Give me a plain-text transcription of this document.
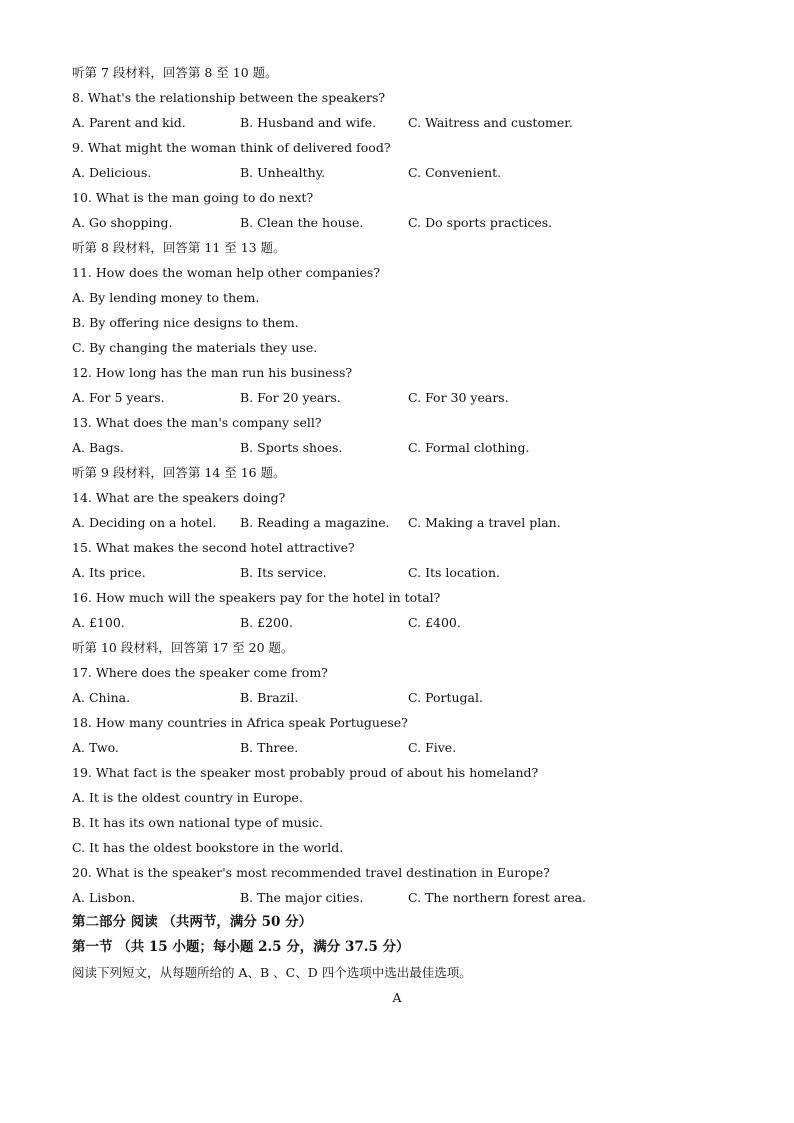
听第 7 段材料，回答第 8 至 10 题。
8. What's the relationship between the speakers?
A. Parent and kid.	B. Husband and wife.	C. Waitress and customer.
9. What might the woman think of delivered food?
A. Delicious.	B. Unhealthy.	C. Convenient.
10. What is the man going to do next?
A. Go shopping.	B. Clean the house.	C. Do sports practices.
听第 8 段材料，回答第 11 至 13 题。
11. How does the woman help other companies?
A. By lending money to them.
B. By offering nice designs to them.
C. By changing the materials they use.
12. How long has the man run his business?
A. For 5 years.	B. For 20 years.	C. For 30 years.
13. What does the man's company sell?
A. Bags.	B. Sports shoes.	C. Formal clothing.
听第 9 段材料，回答第 14 至 16 题。
14. What are the speakers doing?
A. Deciding on a hotel.	B. Reading a magazine.	C. Making a travel plan.
15. What makes the second hotel attractive?
A. Its price.	B. Its service.	C. Its location.
16. How much will the speakers pay for the hotel in total?
A. £100.	B. £200.	C. £400.
听第 10 段材料，回答第 17 至 20 题。
17. Where does the speaker come from?
A. China.	B. Brazil.	C. Portugal.
18. How many countries in Africa speak Portuguese?
A. Two.	B. Three.	C. Five.
19. What fact is the speaker most probably proud of about his homeland?
A. It is the oldest country in Europe.
B. It has its own national type of music.
C. It has the oldest bookstore in the world.
20. What is the speaker's most recommended travel destination in Europe?
A. Lisbon.	B. The major cities.	C. The northern forest area.
第二部分 阅读 （共两节，满分 50 分）
第一节 （共 15 小题；每小题 2.5 分，满分 37.5 分）
阅读下列短文，从每题所给的 A、B 、C、D 四个选项中选出最佳选项。
A
